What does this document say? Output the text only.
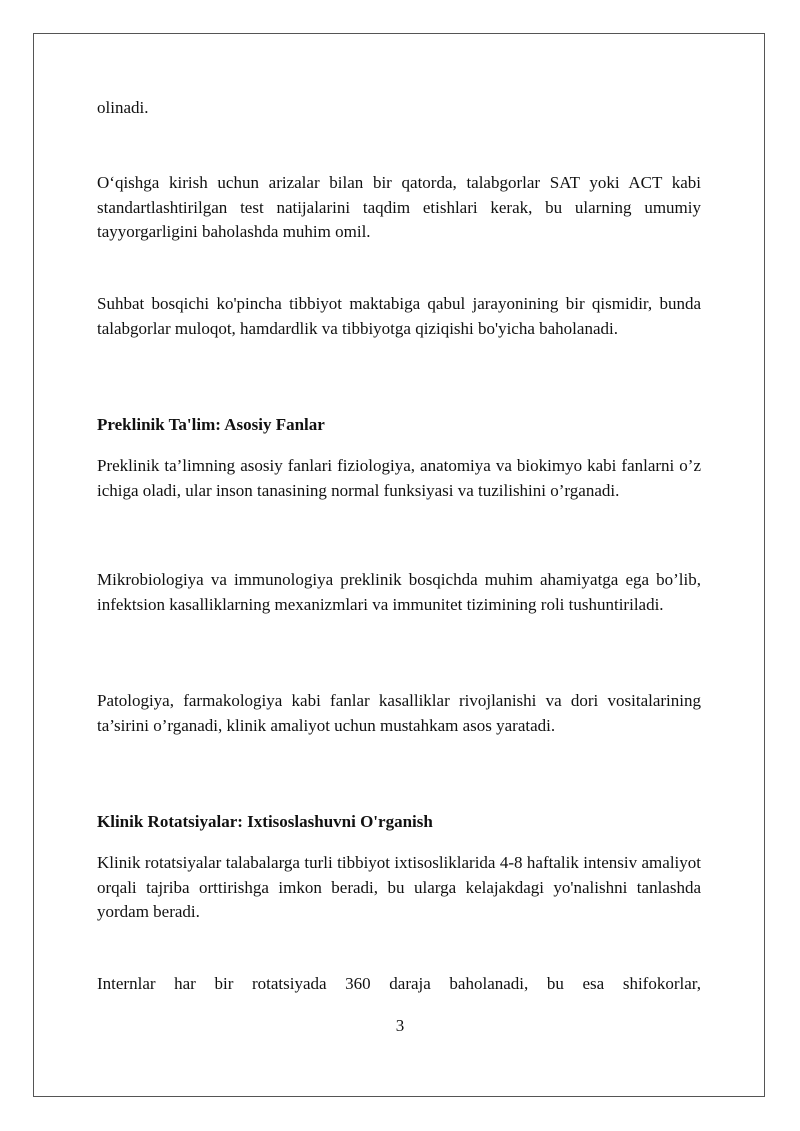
olinadi.

O‘qishga kirish uchun arizalar bilan bir qatorda, talabgorlar SAT yoki ACT kabi standartlashtirilgan test natijalarini taqdim etishlari kerak, bu ularning umumiy tayyorgarligini baholashda muhim omil.

Suhbat bosqichi ko'pincha tibbiyot maktabiga qabul jarayonining bir qismidir, bunda talabgorlar muloqot, hamdardlik va tibbiyotga qiziqishi bo'yicha baholanadi.

Preklinik Ta'lim: Asosiy Fanlar

Preklinik ta’limning asosiy fanlari fiziologiya, anatomiya va biokimyo kabi fanlarni o’z ichiga oladi, ular inson tanasining normal funksiyasi va tuzilishini o’rganadi.

Mikrobiologiya va immunologiya preklinik bosqichda muhim ahamiyatga ega bo’lib, infektsion kasalliklarning mexanizmlari va immunitet tizimining roli tushuntiriladi.

Patologiya, farmakologiya kabi fanlar kasalliklar rivojlanishi va dori vositalarining ta’sirini o’rganadi, klinik amaliyot uchun mustahkam asos yaratadi.

Klinik Rotatsiyalar: Ixtisoslashuvni O'rganish

Klinik rotatsiyalar talabalarga turli tibbiyot ixtisosliklarida 4-8 haftalik intensiv amaliyot orqali tajriba orttirishga imkon beradi, bu ularga kelajakdagi yo'nalishni tanlashda yordam beradi.

Internlar har bir rotatsiyada 360 daraja baholanadi, bu esa shifokorlar,

3
